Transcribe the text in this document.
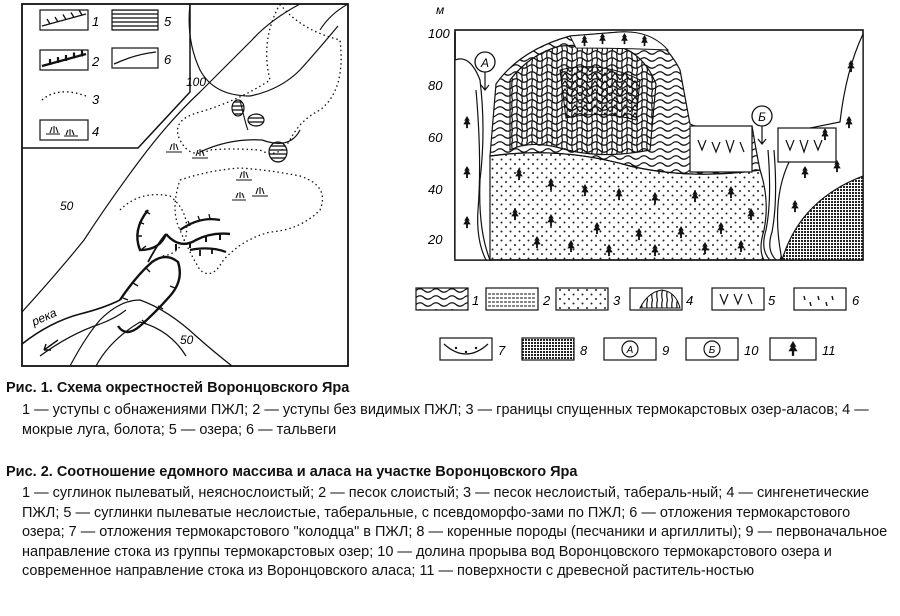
1
2
3
4
5
6
100
50
50
река
м
100
80
60
40
20
А
Б
1	2	3	4	5	6
7	8	А 9	Б 10	11
Рис. 1. Схема окрестностей Воронцовского Яра
1 — уступы с обнажениями ПЖЛ; 2 — уступы без видимых ПЖЛ; 3 — границы спущенных термокарстовых озер-аласов; 4 — мокрые луга, болота; 5 — озера; 6 — тальвеги
Рис. 2. Соотношение едомного массива и аласа на участке Воронцовского Яра
1 — суглинок пылеватый, неяснослоистый; 2 — песок слоистый; 3 — песок неслоистый, табераль-ный; 4 — сингенетические ПЖЛ; 5 — суглинки пылеватые неслоистые, таберальные, с псевдоморфо-зами по ПЖЛ; 6 — отложения термокарстового озера; 7 — отложения термокарстового "колодца" в ПЖЛ; 8 — коренные породы (песчаники и аргиллиты); 9 — первоначальное направление стока из группы термокарстовых озер; 10 — долина прорыва вод Воронцовского термокарстового озера и современное направление стока из Воронцовского аласа; 11 — поверхности с древесной раститель-ностью
